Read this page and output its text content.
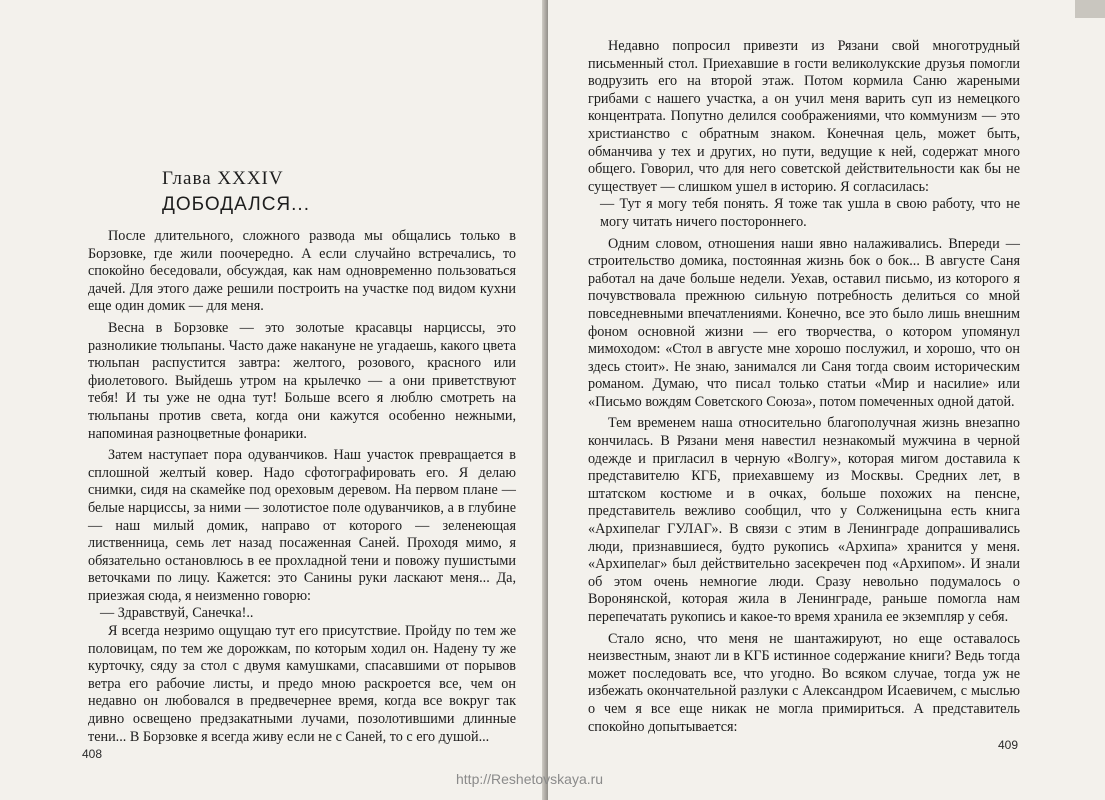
Глава XXXIV
ДОБОДАЛСЯ...

После длительного, сложного развода мы общались только в Борзовке, где жили поочередно. А если случайно встречались, то спокойно беседовали, обсуждая, как нам одновременно пользоваться дачей. Для этого даже решили построить на участке под видом кухни еще один домик — для меня.

Весна в Борзовке — это золотые красавцы нарциссы, это разноликие тюльпаны. Часто даже накануне не угадаешь, какого цвета тюльпан распустится завтра: желтого, розового, красного или фиолетового. Выйдешь утром на крылечко — а они приветствуют тебя! И ты уже не одна тут! Больше всего я люблю смотреть на тюльпаны против света, когда они кажутся особенно нежными, напоминая разноцветные фонарики.

Затем наступает пора одуванчиков. Наш участок превращается в сплошной желтый ковер. Надо сфотографировать его. Я делаю снимки, сидя на скамейке под ореховым деревом. На первом плане — белые нарциссы, за ними — золотистое поле одуванчиков, а в глубине — наш милый домик, направо от которого — зеленеющая лиственница, семь лет назад посаженная Саней. Проходя мимо, я обязательно остановлюсь в ее прохладной тени и повожу пушистыми веточками по лицу. Кажется: это Санины руки ласкают меня... Да, приезжая сюда, я неизменно говорю:

— Здравствуй, Санечка!..

Я всегда незримо ощущаю тут его присутствие. Пройду по тем же половицам, по тем же дорожкам, по которым ходил он. Надену ту же курточку, сяду за стол с двумя камушками, спасавшими от порывов ветра его рабочие листы, и предо мною раскроется все, чем он недавно он любовался в предвечернее время, когда все вокруг так дивно освещено предзакатными лучами, позолотившими длинные тени... В Борзовке я всегда живу если не с Саней, то с его душой...

408

Недавно попросил привезти из Рязани свой многотрудный письменный стол. Приехавшие в гости великолукские друзья помогли водрузить его на второй этаж. Потом кормила Саню жареными грибами с нашего участка, а он учил меня варить суп из немецкого концентрата. Попутно делился соображениями, что коммунизм — это христианство с обратным знаком. Конечная цель, может быть, обманчива у тех и других, но пути, ведущие к ней, содержат много общего. Говорил, что для него советской действительности как бы не существует — слишком ушел в историю. Я согласилась:

— Тут я могу тебя понять. Я тоже так ушла в свою работу, что не могу читать ничего постороннего.

Одним словом, отношения наши явно налаживались. Впереди — строительство домика, постоянная жизнь бок о бок... В августе Саня работал на даче больше недели. Уехав, оставил письмо, из которого я почувствовала прежнюю сильную потребность делиться со мной повседневными впечатлениями. Конечно, все это было лишь внешним фоном основной жизни — его творчества, о котором упомянул мимоходом: «Стол в августе мне хорошо послужил, и хорошо, что он здесь стоит». Не знаю, занимался ли Саня тогда своим историческим романом. Думаю, что писал только статьи «Мир и насилие» или «Письмо вождям Советского Союза», потом помеченных одной датой.

Тем временем наша относительно благополучная жизнь внезапно кончилась. В Рязани меня навестил незнакомый мужчина в черной одежде и пригласил в черную «Волгу», которая мигом доставила к представителю КГБ, приехавшему из Москвы. Средних лет, в штатском костюме и в очках, больше похожих на пенсне, представитель вежливо сообщил, что у Солженицына есть книга «Архипелаг ГУЛАГ». В связи с этим в Ленинграде допрашивались люди, признавшиеся, будто рукопись «Архипа» хранится у меня. «Архипелаг» был действительно засекречен под «Архипом». И знали об этом очень немногие люди. Сразу невольно подумалось о Воронянской, которая жила в Ленинграде, раньше помогла нам перепечатать рукопись и какое-то время хранила ее экземпляр у себя.

Стало ясно, что меня не шантажируют, но еще оставалось неизвестным, знают ли в КГБ истинное содержание книги? Ведь тогда может последовать все, что угодно. Во всяком случае, тогда уж не избежать окончательной разлуки с Александром Исаевичем, с мыслью о чем я все еще никак не могла примириться. А представитель спокойно допытывается:

409
http://Reshetovskaya.ru
